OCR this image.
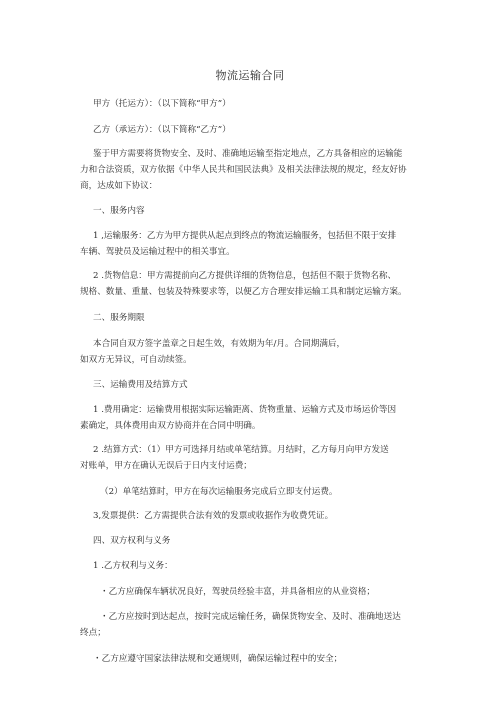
物流运输合同
甲方（托运方）：（以下简称“甲方”）
乙方（承运方）：（以下简称“乙方”）
鉴于甲方需要将货物安全、及时、准确地运输至指定地点，乙方具备相应的运输能
力和合法资质，双方依据《中华人民共和国民法典》及相关法律法规的规定，经友好协
商，达成如下协议：
一、服务内容
1 ,运输服务：乙方为甲方提供从起点到终点的物流运输服务，包括但不限于安排
车辆、驾驶员及运输过程中的相关事宜。
2 .货物信息：甲方需提前向乙方提供详细的货物信息，包括但不限于货物名称、
规格、数量、重量、包装及特殊要求等，以便乙方合理安排运输工具和制定运输方案。
二、服务期限
本合同自双方签字盖章之日起生效，有效期为年/月。合同期满后，
如双方无异议，可自动续签。
三、运输费用及结算方式
1 .费用确定：运输费用根据实际运输距离、货物重量、运输方式及市场运价等因
素确定，具体费用由双方协商并在合同中明确。
2 .结算方式：（1）甲方可选择月结或单笔结算。月结时，乙方每月向甲方发送
对账单，甲方在确认无误后于日内支付运费；
（2）单笔结算时，甲方在每次运输服务完成后立即支付运费。
3,发票提供：乙方需提供合法有效的发票或收据作为收费凭证。
四、双方权利与义务
1 .乙方权利与义务：
・乙方应确保车辆状况良好，驾驶员经验丰富，并具备相应的从业资格；
・乙方应按时到达起点，按时完成运输任务，确保货物安全、及时、准确地送达
终点；
・乙方应遵守国家法律法规和交通规则，确保运输过程中的安全；
